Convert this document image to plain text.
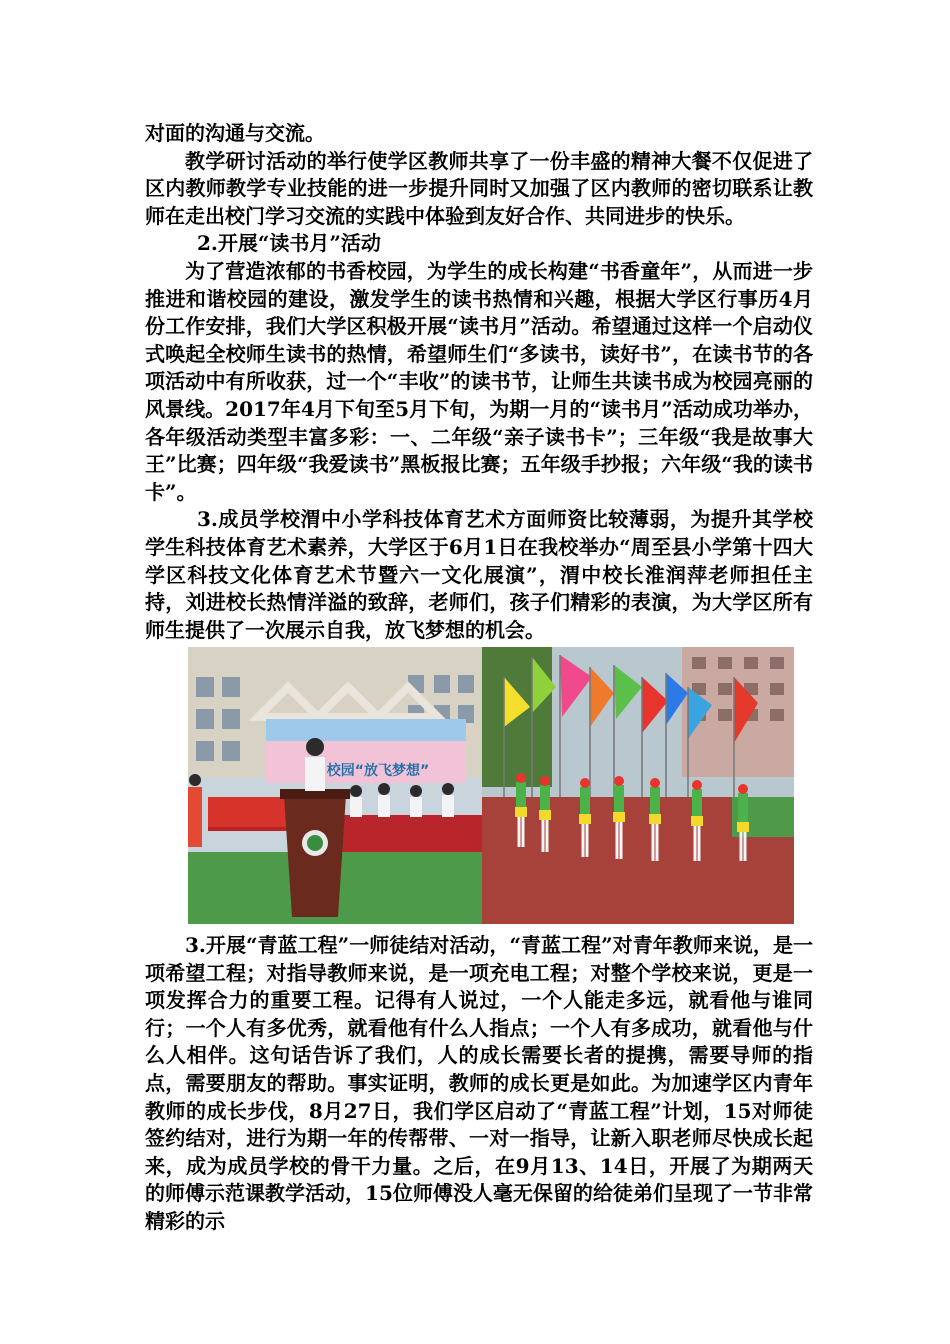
对面的沟通与交流。

教学研讨活动的举行使学区教师共享了一份丰盛的精神大餐不仅促进了区内教师教学专业技能的进一步提升同时又加强了区内教师的密切联系让教师在走出校门学习交流的实践中体验到友好合作、共同进步的快乐。

2.开展“读书月”活动

为了营造浓郁的书香校园，为学生的成长构建“书香童年”，从而进一步推进和谐校园的建设，激发学生的读书热情和兴趣，根据大学区行事历4月份工作安排，我们大学区积极开展“读书月”活动。希望通过这样一个启动仪式唤起全校师生读书的热情，希望师生们“多读书，读好书”，在读书节的各项活动中有所收获，过一个“丰收”的读书节，让师生共读书成为校园亮丽的风景线。2017年4月下旬至5月下旬，为期一月的“读书月”活动成功举办，各年级活动类型丰富多彩：一、二年级“亲子读书卡”；三年级“我是故事大王”比赛；四年级“我爱读书”黑板报比赛；五年级手抄报；六年级“我的读书卡”。

3.成员学校渭中小学科技体育艺术方面师资比较薄弱，为提升其学校学生科技体育艺术素养，大学区于6月1日在我校举办“周至县小学第十四大学区科技文化体育艺术节暨六一文化展演”，渭中校长淮润萍老师担任主持，刘进校长热情洋溢的致辞，老师们，孩子们精彩的表演，为大学区所有师生提供了一次展示自我，放飞梦想的机会。

校园“放飞梦想”

3.开展“青蓝工程”一师徒结对活动，“青蓝工程”对青年教师来说，是一项希望工程；对指导教师来说，是一项充电工程；对整个学校来说，更是一项发挥合力的重要工程。记得有人说过，一个人能走多远，就看他与谁同行；一个人有多优秀，就看他有什么人指点；一个人有多成功，就看他与什么人相伴。这句话告诉了我们，人的成长需要长者的提携，需要导师的指点，需要朋友的帮助。事实证明，教师的成长更是如此。为加速学区内青年教师的成长步伐，8月27日，我们学区启动了“青蓝工程”计划，15对师徒签约结对，进行为期一年的传帮带、一对一指导，让新入职老师尽快成长起来，成为成员学校的骨干力量。之后，在9月13、14日，开展了为期两天的师傅示范课教学活动，15位师傅没人毫无保留的给徒弟们呈现了一节非常精彩的示
